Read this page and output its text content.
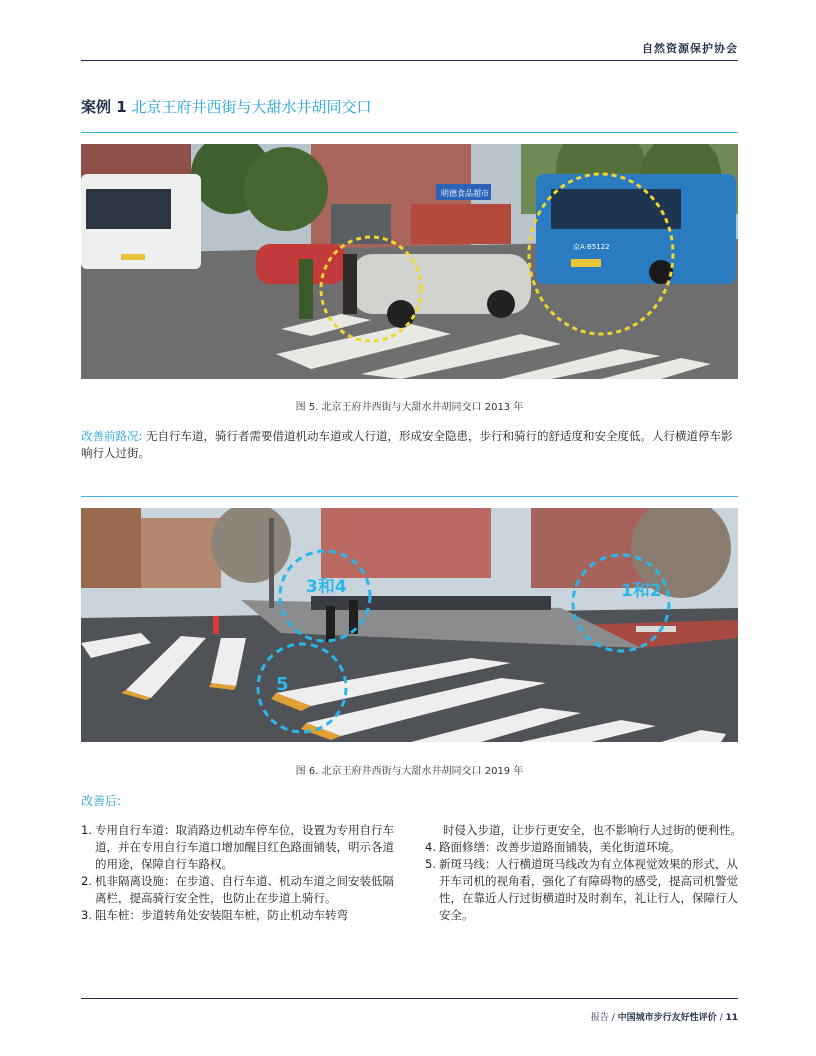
自然资源保护协会
案例 1 北京王府井西街与大甜水井胡同交口
明德食品超市
京A·B5122
图 5. 北京王府井西街与大甜水井胡同交口 2013 年
改善前路况: 无自行车道，骑行者需要借道机动车道或人行道，形成安全隐患，步行和骑行的舒适度和安全度低。人行横道停车影响行人过街。
3和4	1和2
5
图 6. 北京王府井西街与大甜水井胡同交口 2019 年
改善后:
1. 专用自行车道：取消路边机动车停车位，设置为专用自行车道，并在专用自行车道口增加醒目红色路面铺装，明示各道的用途，保障自行车路权。
2. 机非隔离设施：在步道、自行车道、机动车道之间安装低隔离栏，提高骑行安全性，也防止在步道上骑行。
3. 阻车桩：步道转角处安装阻车桩，防止机动车转弯
时侵入步道，让步行更安全，也不影响行人过街的便利性。
4. 路面修缮：改善步道路面铺装，美化街道环境。
5. 新斑马线：人行横道斑马线改为有立体视觉效果的形式，从开车司机的视角看，强化了有障碍物的感受，提高司机警觉性，在靠近人行过街横道时及时刹车，礼让行人，保障行人安全。
报告 / 中国城市步行友好性评价 / 11
